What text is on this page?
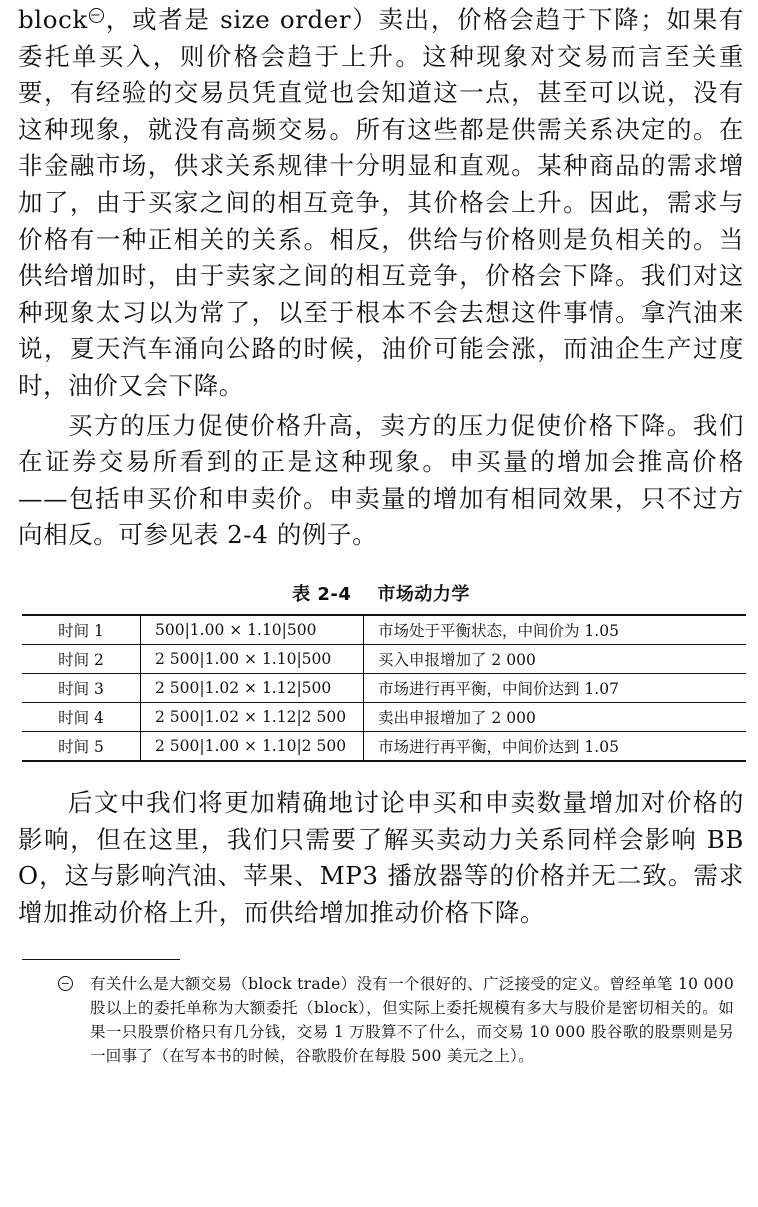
block − ，或者是 size order）卖出，价格会趋于下降；如果有委托单买入，则价格会趋于上升。这种现象对交易而言至关重要，有经验的交易员凭直觉也会知道这一点，甚至可以说，没有这种现象，就没有高频交易。所有这些都是供需关系决定的。在非金融市场，供求关系规律十分明显和直观。某种商品的需求增加了，由于买家之间的相互竞争，其价格会上升。因此，需求与价格有一种正相关的关系。相反，供给与价格则是负相关的。当供给增加时，由于卖家之间的相互竞争，价格会下降。我们对这种现象太习以为常了，以至于根本不会去想这件事情。拿汽油来说，夏天汽车涌向公路的时候，油价可能会涨，而油企生产过度时，油价又会下降。

买方的压力促使价格升高，卖方的压力促使价格下降。我们在证券交易所看到的正是这种现象。申买量的增加会推高价格——包括申买价和申卖价。申卖量的增加有相同效果，只不过方向相反。可参见表 2-4 的例子。

表 2-4 市场动力学
时间 1	500|1.00 × 1.10|500	市场处于平衡状态，中间价为 1.05
时间 2	2 500|1.00 × 1.10|500	买入申报增加了 2 000
时间 3	2 500|1.02 × 1.12|500	市场进行再平衡，中间价达到 1.07
时间 4	2 500|1.02 × 1.12|2 500	卖出申报增加了 2 000
时间 5	2 500|1.00 × 1.10|2 500	市场进行再平衡，中间价达到 1.05

后文中我们将更加精确地讨论申买和申卖数量增加对价格的影响，但在这里，我们只需要了解买卖动力关系同样会影响 BBO，这与影响汽油、苹果、MP3 播放器等的价格并无二致。需求增加推动价格上升，而供给增加推动价格下降。

− 有关什么是大额交易（block trade）没有一个很好的、广泛接受的定义。曾经单笔 10 000 股以上的委托单称为大额委托（block），但实际上委托规模有多大与股价是密切相关的。如果一只股票价格只有几分钱，交易 1 万股算不了什么，而交易 10 000 股谷歌的股票则是另一回事了（在写本书的时候，谷歌股价在每股 500 美元之上）。
